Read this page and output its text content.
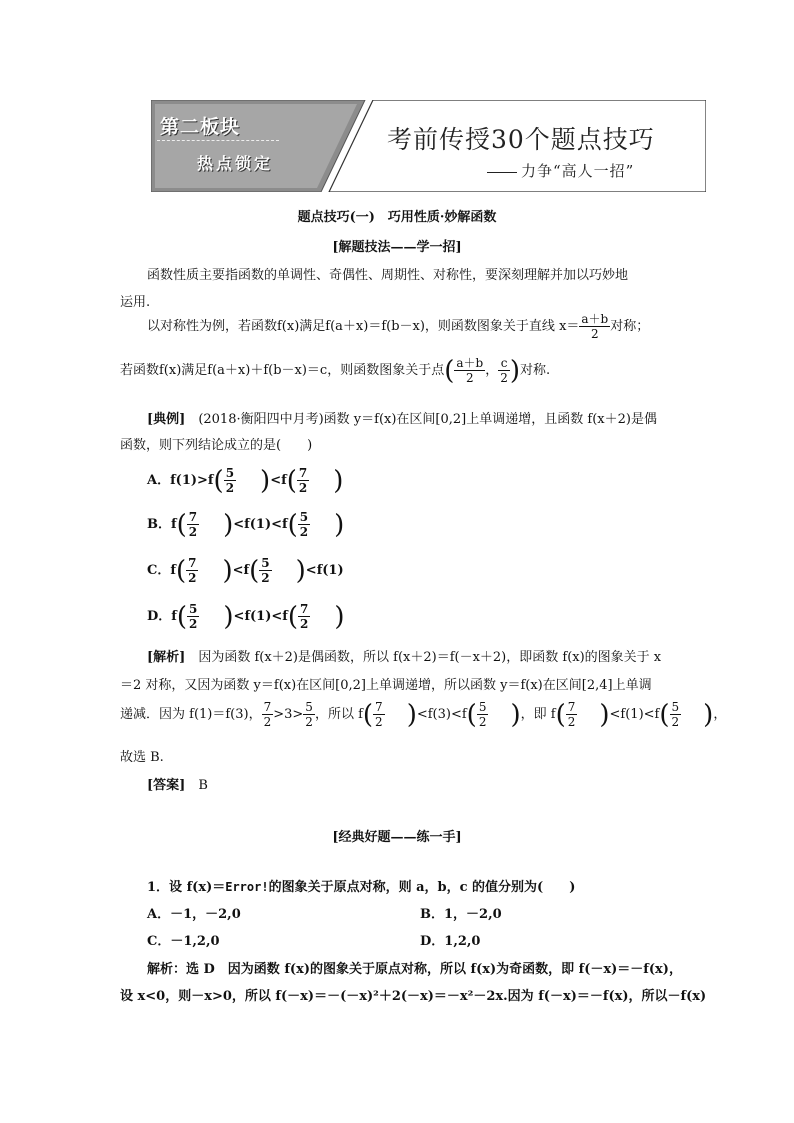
第二板块
热点锁定
考前传授30个题点技巧
力争“高人一招”
题点技巧(一)　巧用性质·妙解函数
[解题技法——学一招]
函数性质主要指函数的单调性、奇偶性、周期性、对称性，要深刻理解并加以巧妙地
运用.
以对称性为例，若函数f(x)满足f(a＋x)＝f(b－x)，则函数图象关于直线 $x= \frac{a+b}{2}$ 对称；
若函数f(x)满足f(a＋x)＋f(b－x)＝c，则函数图象关于点( $\frac{a+b}{2}$ ， $\frac{c}{2}$ )对称.
[典例]　(2018·衡阳四中月考)函数 y＝f(x)在区间[0,2]上单调递增，且函数 f(x＋2)是偶
函数，则下列结论成立的是(　　)
A．$f(1)>f( \frac{5}{2} )<f( \frac{7}{2}$ )
B．$f( \frac{7}{2} )<f(1)<f( \frac{5}{2}$ )
C．$f( \frac{7}{2} )<f( \frac{5}{2} )<f(1)$
D．$f( \frac{5}{2} )<f(1)<f( \frac{7}{2}$ )
[解析]　因为函数 f(x＋2)是偶函数，所以 f(x＋2)＝f(－x＋2)，即函数 f(x)的图象关于 x
＝2 对称，又因为函数 y＝f(x)在区间[0,2]上单调递增，所以函数 y＝f(x)在区间[2,4]上单调
递减．因为 f(1)＝f(3)， $\frac{7}{2} >3> \frac{5}{2}$ ，所以 $f( \frac{7}{2} )<f(3)<f( \frac{5}{2}$ )，即 $f( \frac{7}{2} )<f(1)<f( \frac{5}{2}$ )，
故选 B.
[答案]　B
[经典好题——练一手]
1．设 f(x)＝Error!的图象关于原点对称，则 a，b，c 的值分别为(　　)
A．－1，－2,0	B．1，－2,0
C．－1,2,0	D．1,2,0
解析：选 D　因为函数 f(x)的图象关于原点对称，所以 f(x)为奇函数，即 f(－x)＝－f(x)，
设 x<0，则－x>0，所以 f(－x)＝－(－x)²＋2(－x)＝－x²－2x.因为 f(－x)＝－f(x)，所以－f(x)
